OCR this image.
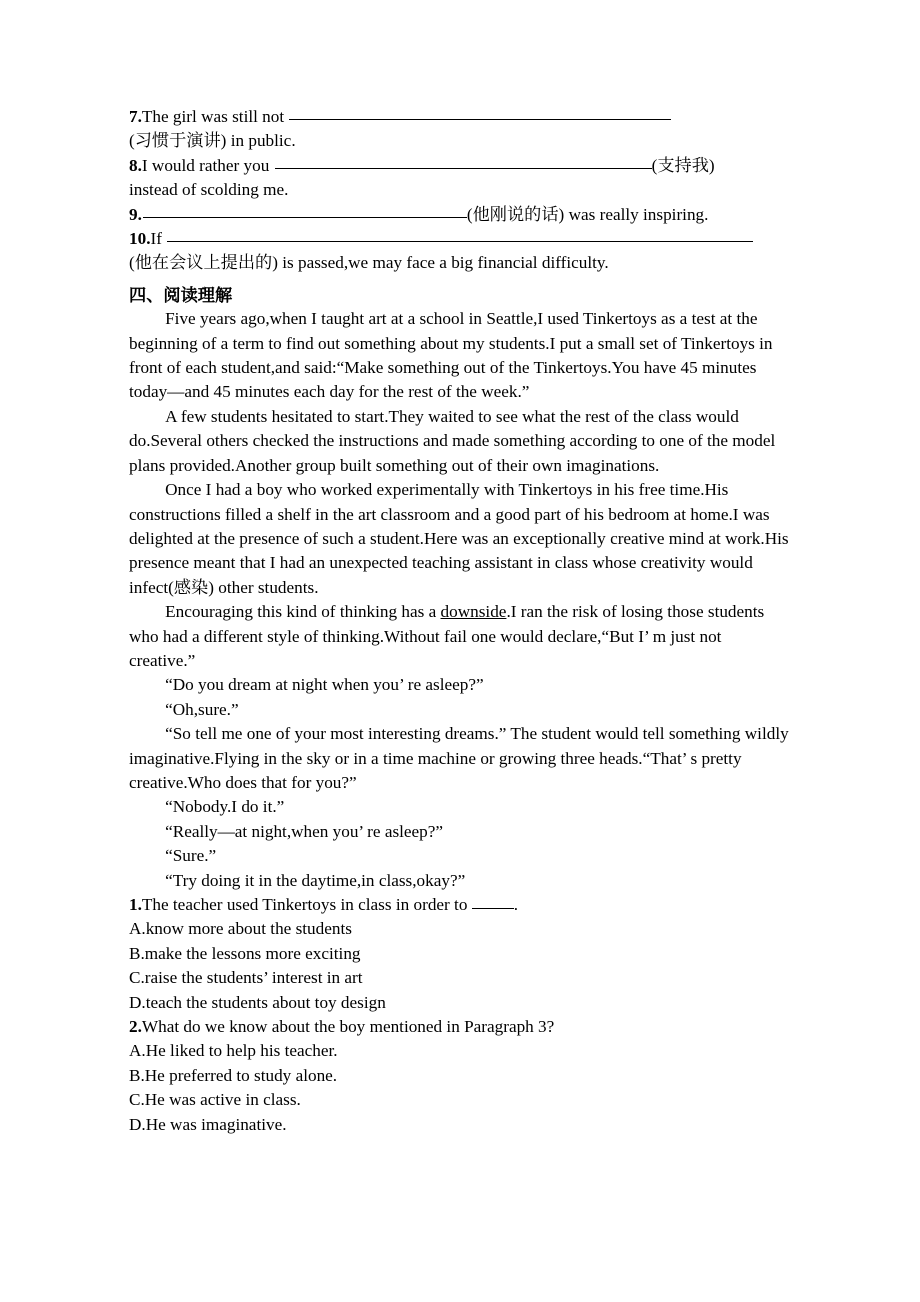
7.The girl was still not
(习惯于演讲) in public.

8.I would rather you	(支持我)
instead of scolding me.

9.	(他刚说的话) was really inspiring.

10.If
(他在会议上提出的) is passed,we may face a big financial difficulty.

四、阅读理解

Five years ago,when I taught art at a school in Seattle,I used Tinkertoys as a test at the beginning of a term to find out something about my students.I put a small set of Tinkertoys in front of each student,and said:“Make something out of the Tinkertoys.You have 45 minutes today—and 45 minutes each day for the rest of the week.”

A few students hesitated to start.They waited to see what the rest of the class would do.Several others checked the instructions and made something according to one of the model plans provided.Another group built something out of their own imaginations.

Once I had a boy who worked experimentally with Tinkertoys in his free time.His constructions filled a shelf in the art classroom and a good part of his bedroom at home.I was delighted at the presence of such a student.Here was an exceptionally creative mind at work.His presence meant that I had an unexpected teaching assistant in class whose creativity would infect(感染) other students.

Encouraging this kind of thinking has a downside.I ran the risk of losing those students who had a different style of thinking.Without fail one would declare,“But I’ m just not creative.”

“Do you dream at night when you’ re asleep?”

“Oh,sure.”

“So tell me one of your most interesting dreams.” The student would tell something wildly imaginative.Flying in the sky or in a time machine or growing three heads.“That’ s pretty creative.Who does that for you?”

“Nobody.I do it.”

“Really—at night,when you’ re asleep?”

“Sure.”

“Try doing it in the daytime,in class,okay?”

1.The teacher used Tinkertoys in class in order to .

A.know more about the students

B.make the lessons more exciting

C.raise the students’ interest in art

D.teach the students about toy design

2.What do we know about the boy mentioned in Paragraph 3?

A.He liked to help his teacher.

B.He preferred to study alone.

C.He was active in class.

D.He was imaginative.
